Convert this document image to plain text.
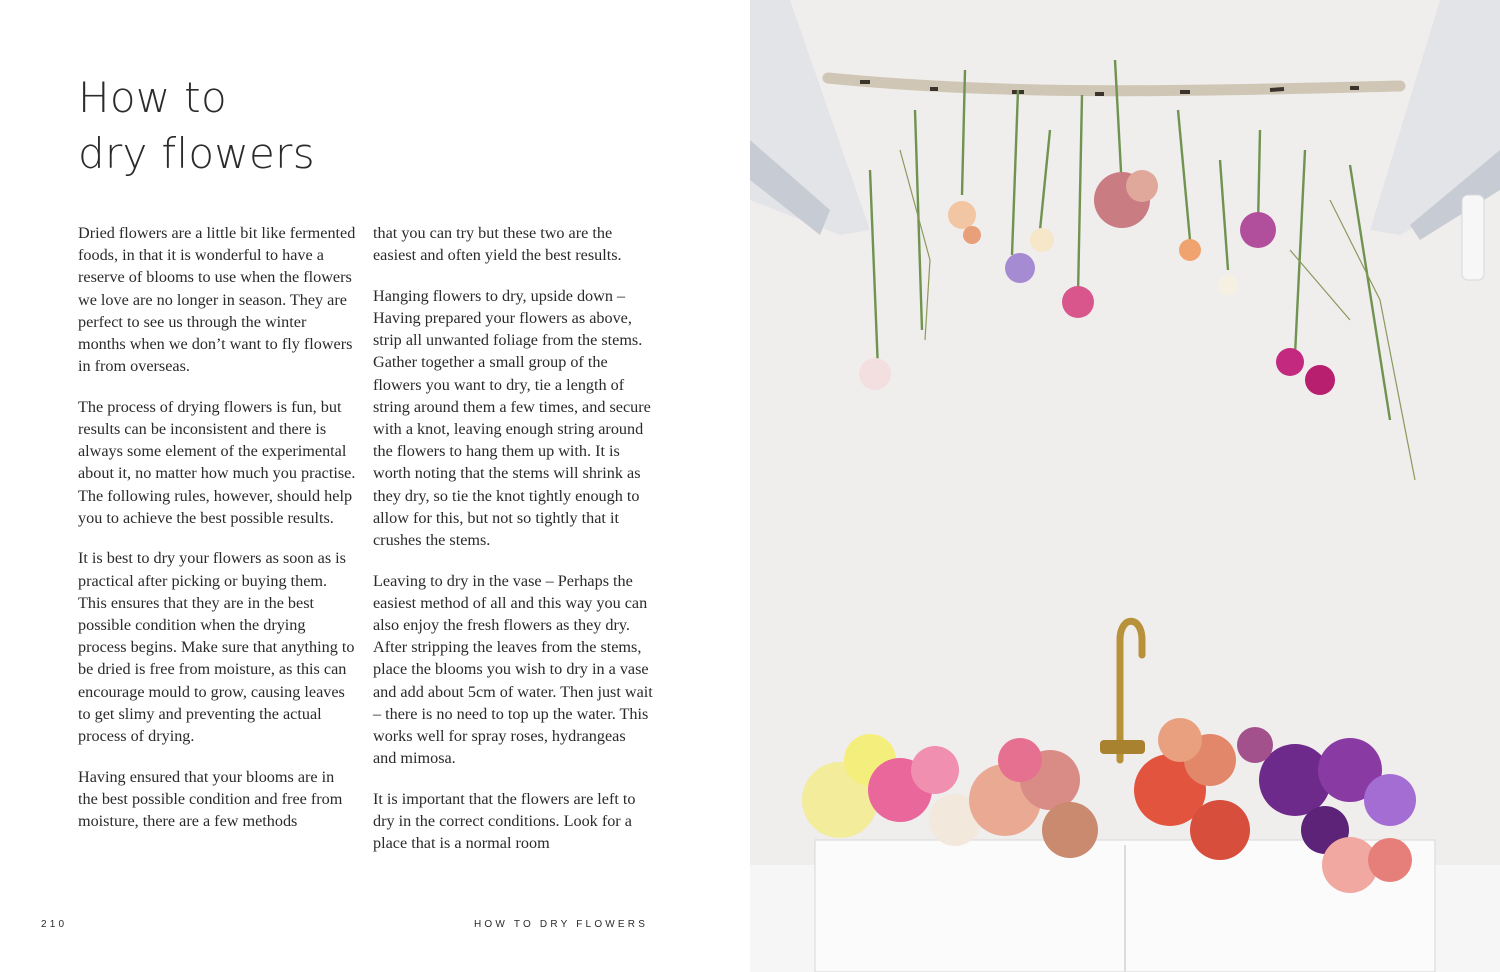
How to
dry flowers

Dried flowers are a little bit like fermented foods, in that it is wonderful to have a reserve of blooms to use when the flowers we love are no longer in season. They are perfect to see us through the winter months when we don’t want to fly flowers in from overseas.

The process of drying flowers is fun, but results can be inconsistent and there is always some element of the experimental about it, no matter how much you practise. The following rules, however, should help you to achieve the best possible results.

It is best to dry your flowers as soon as is practical after picking or buying them. This ensures that they are in the best possible condition when the drying process begins. Make sure that anything to be dried is free from moisture, as this can encourage mould to grow, causing leaves to get slimy and preventing the actual process of drying.

Having ensured that your blooms are in the best possible condition and free from moisture, there are a few methods

that you can try but these two are the easiest and often yield the best results.

Hanging flowers to dry, upside down – Having prepared your flowers as above, strip all unwanted foliage from the stems. Gather together a small group of the flowers you want to dry, tie a length of string around them a few times, and secure with a knot, leaving enough string around the flowers to hang them up with. It is worth noting that the stems will shrink as they dry, so tie the knot tightly enough to allow for this, but not so tightly that it crushes the stems.

Leaving to dry in the vase – Perhaps the easiest method of all and this way you can also enjoy the fresh flowers as they dry. After stripping the leaves from the stems, place the blooms you wish to dry in a vase and add about 5cm of water. Then just wait – there is no need to top up the water. This works well for spray roses, hydrangeas and mimosa.

It is important that the flowers are left to dry in the correct conditions. Look for a place that is a normal room

210	HOW TO DRY FLOWERS
